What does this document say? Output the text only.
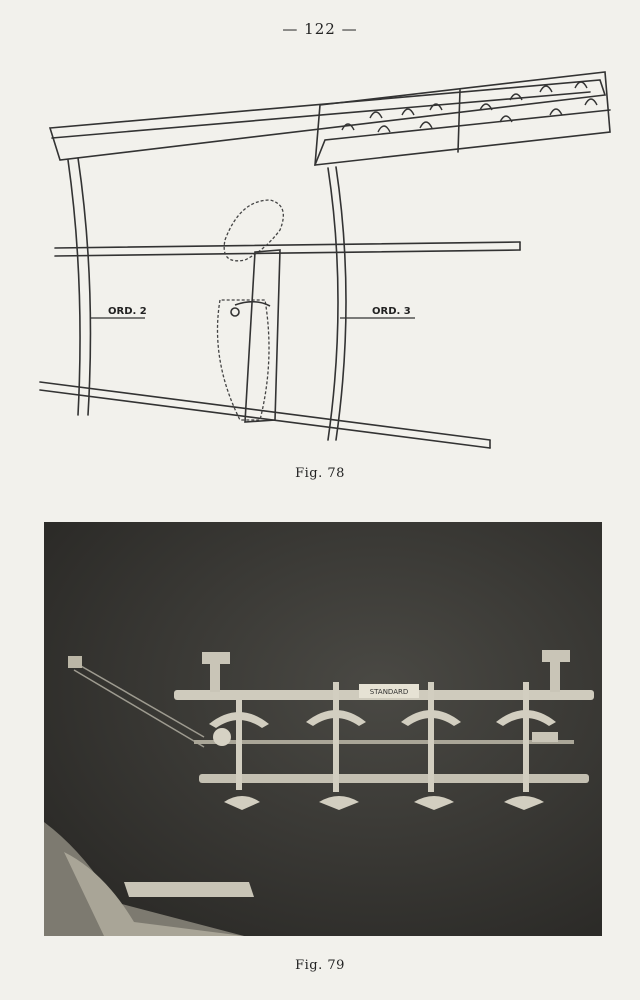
— 122 —
ORD. 2	ORD. 3
Fig. 78
STANDARD
Fig. 79
